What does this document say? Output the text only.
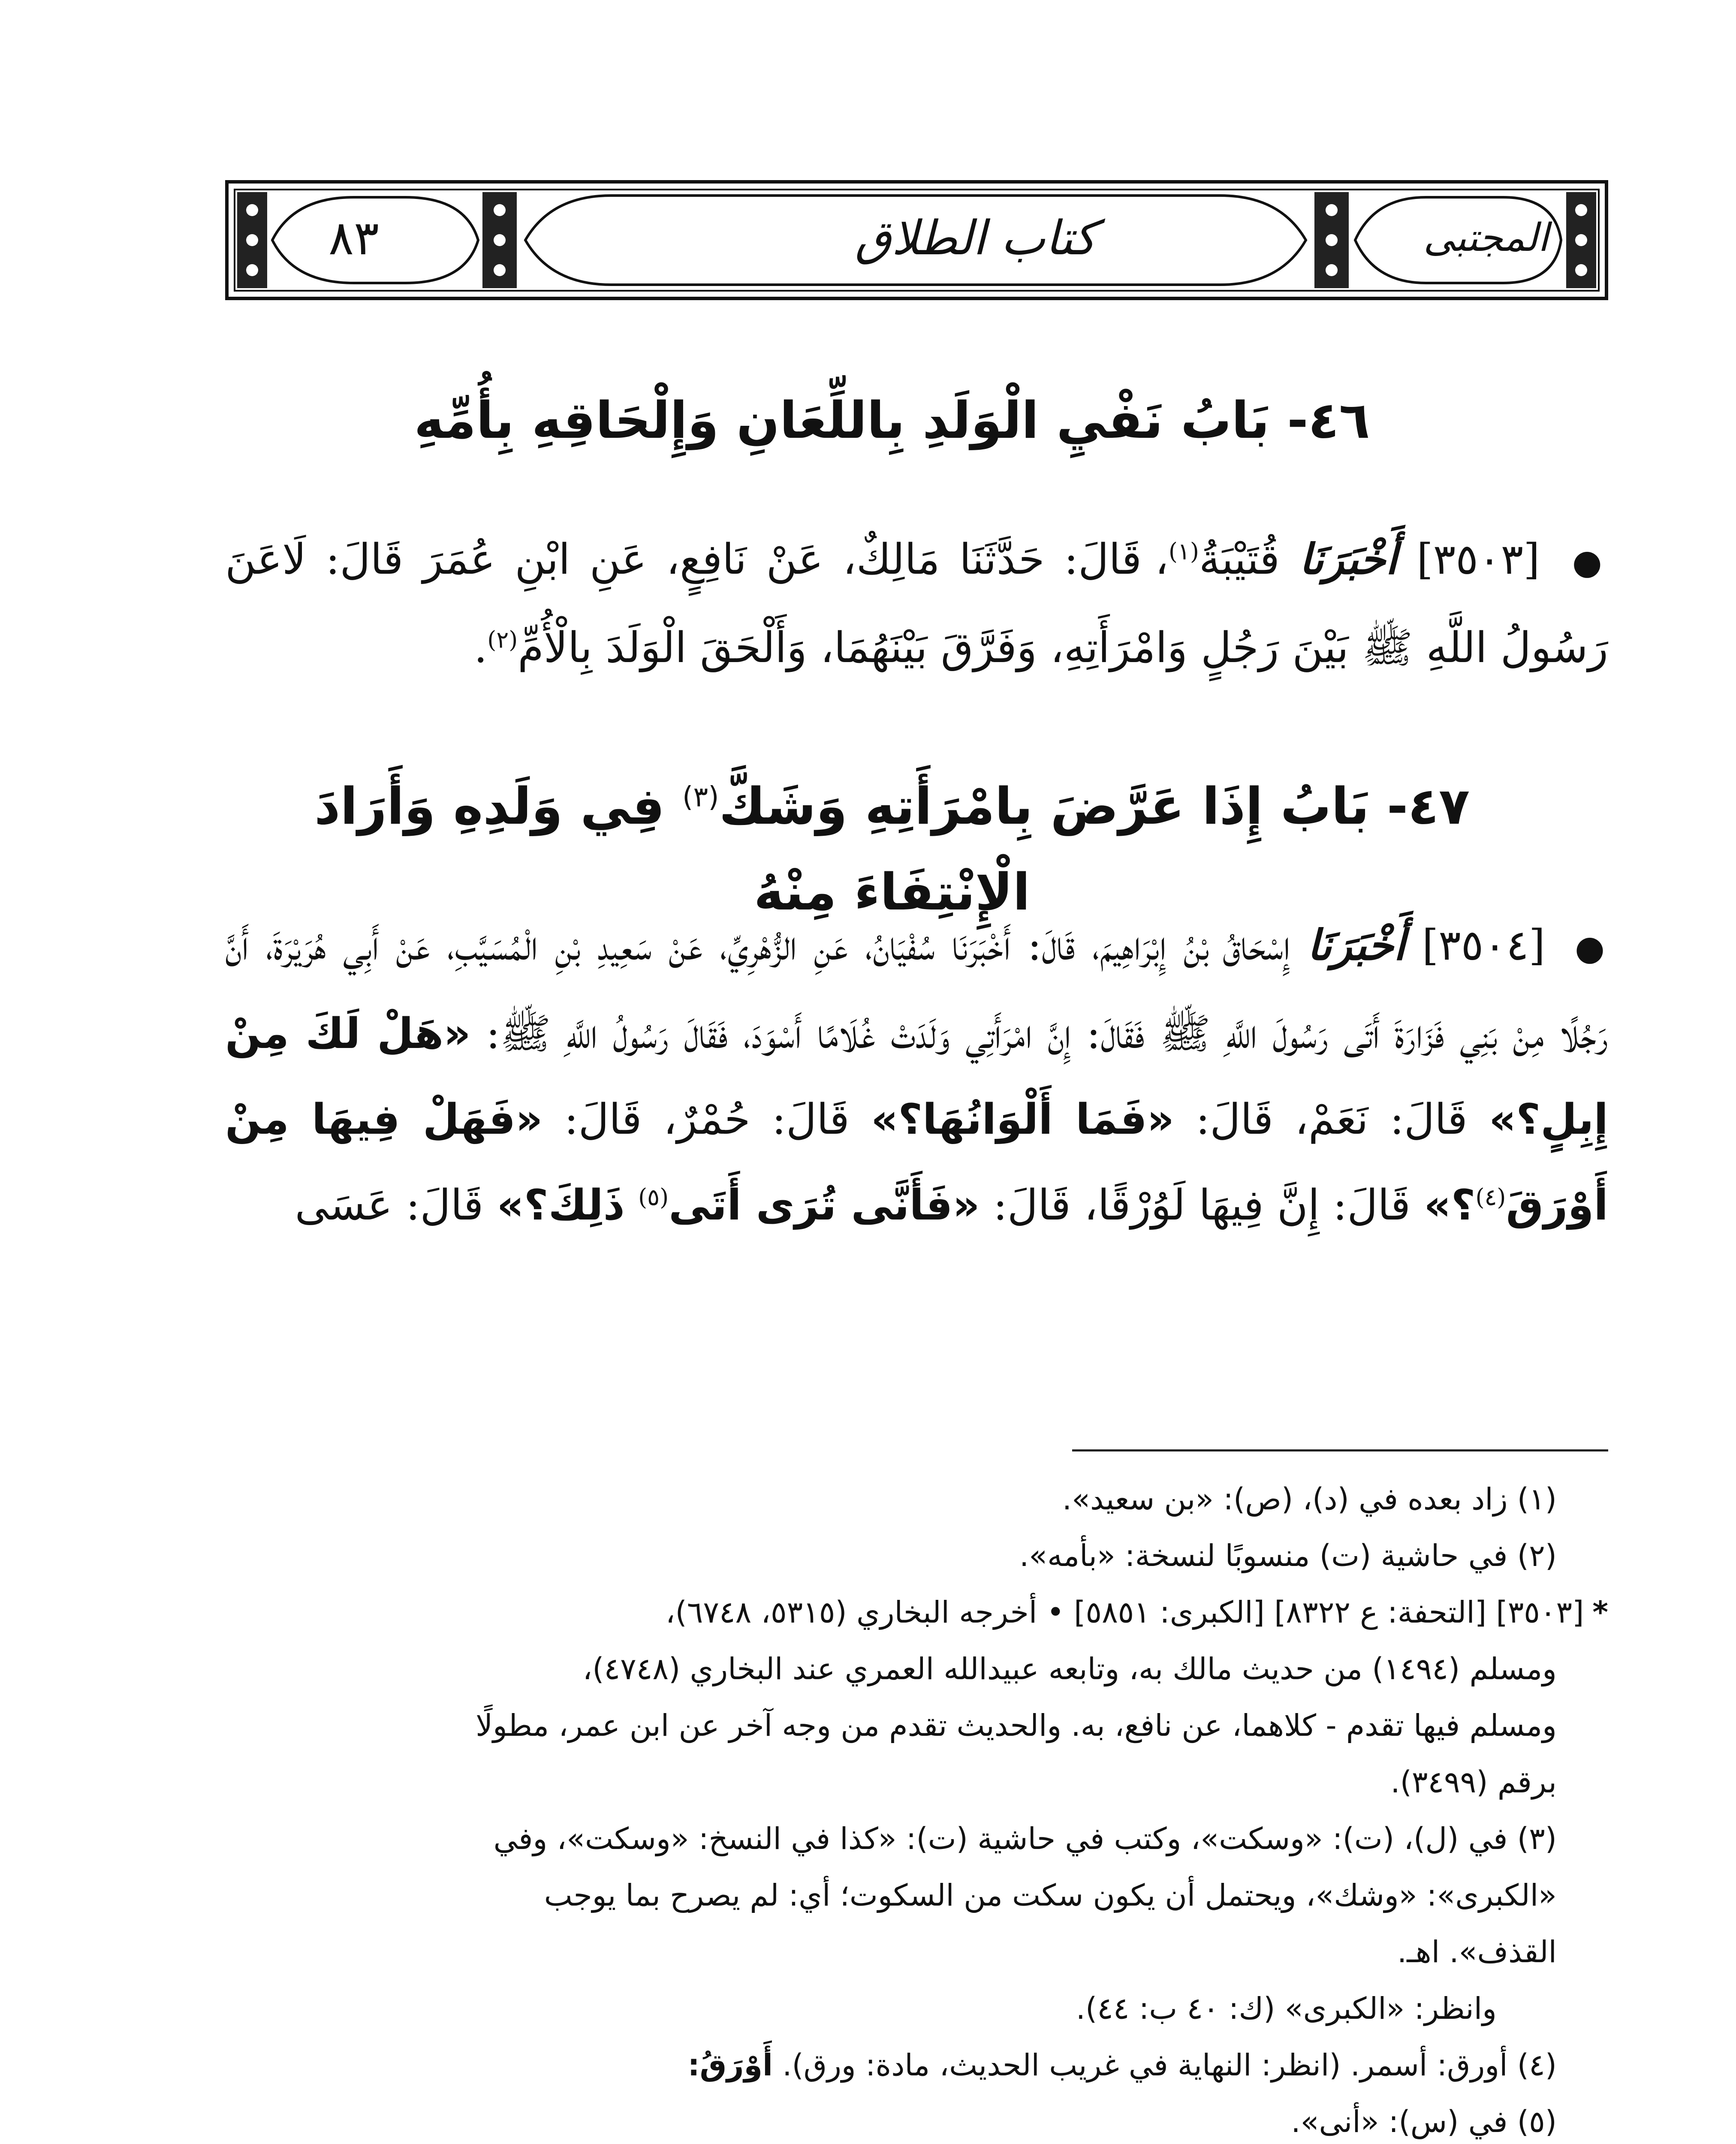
٨٣	كتاب الطلاق	المجتبى
٤٦- بَابُ نَفْيِ الْوَلَدِ بِاللِّعَانِ وَإِلْحَاقِهِ بِأُمِّهِ
● [٣٥٠٣] أَخْبَرَنَا قُتَيْبَةُ$^{(١)}$، قَالَ: حَدَّثَنَا مَالِكٌ، عَنْ نَافِعٍ، عَنِ ابْنِ عُمَرَ قَالَ: لَاعَنَ رَسُولُ اللَّهِ ﷺ بَيْنَ رَجُلٍ وَامْرَأَتِهِ، وَفَرَّقَ بَيْنَهُمَا، وَأَلْحَقَ الْوَلَدَ بِالْأُمِّ$^{(٢)}$.
٤٧- بَابُ إِذَا عَرَّضَ بِامْرَأَتِهِ وَشَكَّ$^{(٣)}$ فِي وَلَدِهِ وَأَرَادَ الْإِنْتِفَاءَ مِنْهُ
● [٣٥٠٤] أَخْبَرَنَا إِسْحَاقُ بْنُ إِبْرَاهِيمَ، قَالَ: أَخْبَرَنَا سُفْيَانُ، عَنِ الزُّهْرِيِّ، عَنْ سَعِيدِ بْنِ الْمُسَيَّبِ، عَنْ أَبِي هُرَيْرَةَ، أَنَّ رَجُلًا مِنْ بَنِي فَزَارَةَ أَتَى رَسُولَ اللَّهِ ﷺ فَقَالَ: إِنَّ امْرَأَتِي وَلَدَتْ غُلَامًا أَسْوَدَ، فَقَالَ رَسُولُ اللَّهِ ﷺ: «هَلْ لَكَ مِنْ إِبِلٍ؟» قَالَ: نَعَمْ، قَالَ: «فَمَا أَلْوَانُهَا؟» قَالَ: حُمْرٌ، قَالَ: «فَهَلْ فِيهَا مِنْ أَوْرَقَ$^{(٤)}$؟» قَالَ: إِنَّ فِيهَا لَوُرْقًا، قَالَ: «فَأَنَّى تُرَى أَتَى$^{(٥)}$ ذَلِكَ؟» قَالَ: عَسَى
(١) زاد بعده في (د)، (ص): «بن سعيد».
(٢) في حاشية (ت) منسوبًا لنسخة: «بأمه».
*[٣٥٠٣] [التحفة: ع ٨٣٢٢] [الكبرى: ٥٨٥١] • أخرجه البخاري (٥٣١٥، ٦٧٤٨)،
ومسلم (١٤٩٤) من حديث مالك به، وتابعه عبيدالله العمري عند البخاري (٤٧٤٨)،
ومسلم فيها تقدم - كلاهما، عن نافع، به. والحديث تقدم من وجه آخر عن ابن عمر، مطولًا
برقم (٣٤٩٩).
(٣) في (ل)، (ت): «وسكت»، وكتب في حاشية (ت): «كذا في النسخ: «وسكت»، وفي
«الكبرى»: «وشك»، ويحتمل أن يكون سكت من السكوت؛ أي: لم يصرح بما يوجب
القذف». اهـ.
وانظر: «الكبرى» (ك: ٤٠ ب: ٤٤).
(٤) أورق: أسمر. (انظر: النهاية في غريب الحديث، مادة: ورق). أَوْرَقُ:
(٥) في (س): «أنى».
